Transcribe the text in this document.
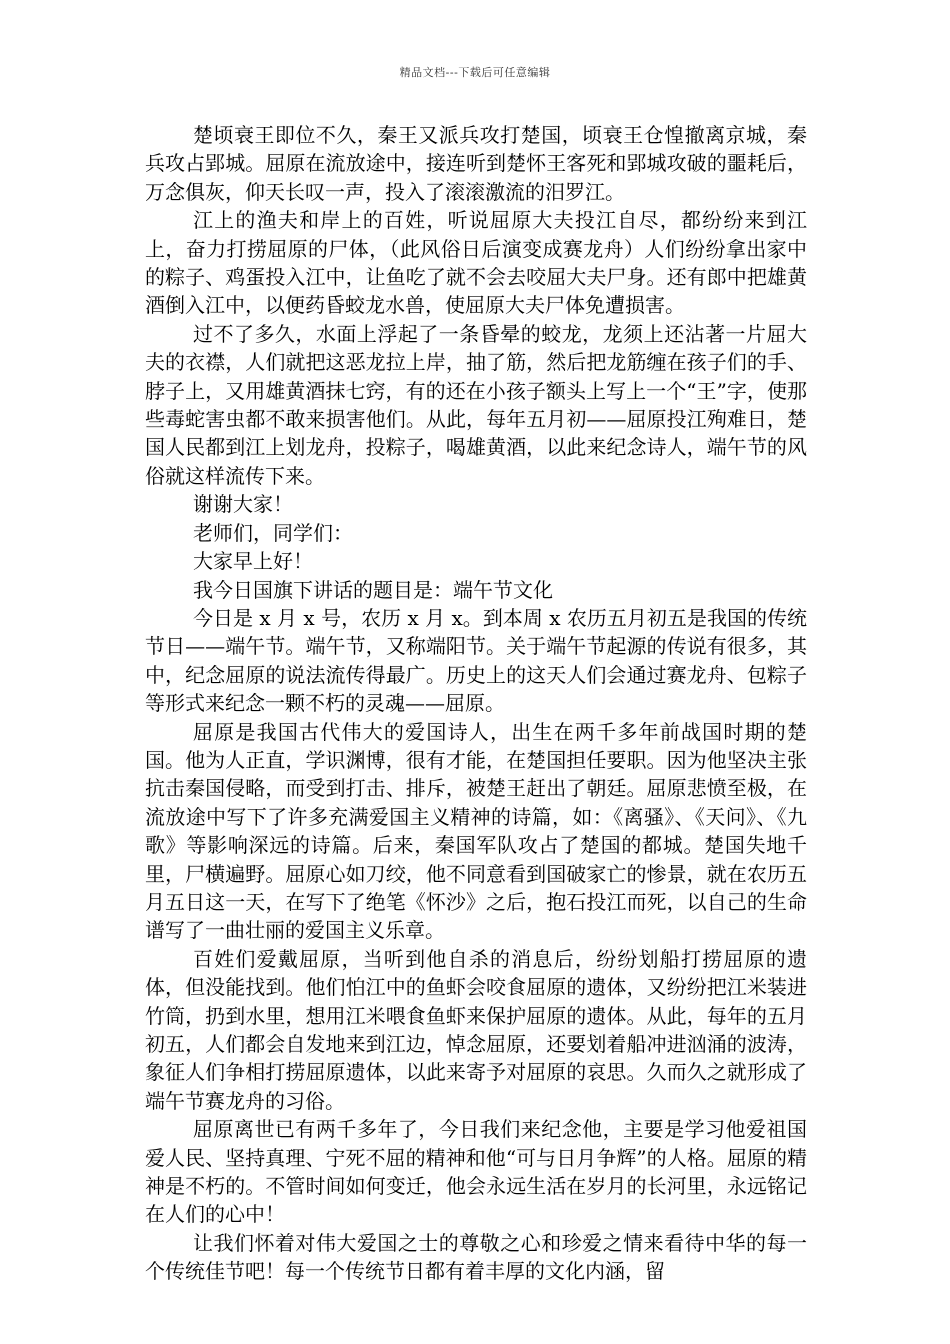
精品文档---下载后可任意编辑

楚顷衰王即位不久，秦王又派兵攻打楚国，顷衰王仓惶撤离京城，秦兵攻占郢城。屈原在流放途中，接连听到楚怀王客死和郢城攻破的噩耗后，万念俱灰，仰天长叹一声，投入了滚滚激流的汨罗江。

江上的渔夫和岸上的百姓，听说屈原大夫投江自尽，都纷纷来到江上，奋力打捞屈原的尸体，（此风俗日后演变成赛龙舟）人们纷纷拿出家中的粽子、鸡蛋投入江中，让鱼吃了就不会去咬屈大夫尸身。还有郎中把雄黄酒倒入江中，以便药昏蛟龙水兽，使屈原大夫尸体免遭损害。

过不了多久，水面上浮起了一条昏晕的蛟龙，龙须上还沾著一片屈大夫的衣襟，人们就把这恶龙拉上岸，抽了筋，然后把龙筋缠在孩子们的手、脖子上，又用雄黄酒抹七窍，有的还在小孩子额头上写上一个“王”字，使那些毒蛇害虫都不敢来损害他们。从此，每年五月初——屈原投江殉难日，楚国人民都到江上划龙舟，投粽子，喝雄黄酒，以此来纪念诗人，端午节的风俗就这样流传下来。

谢谢大家！

老师们，同学们：

大家早上好！

我今日国旗下讲话的题目是：端午节文化

今日是 x 月 x 号，农历 x 月 x。到本周 x 农历五月初五是我国的传统节日——端午节。端午节，又称端阳节。关于端午节起源的传说有很多，其中，纪念屈原的说法流传得最广。历史上的这天人们会通过赛龙舟、包粽子等形式来纪念一颗不朽的灵魂——屈原。

屈原是我国古代伟大的爱国诗人，出生在两千多年前战国时期的楚国。他为人正直，学识渊博，很有才能，在楚国担任要职。因为他坚决主张抗击秦国侵略，而受到打击、排斥，被楚王赶出了朝廷。屈原悲愤至极，在流放途中写下了许多充满爱国主义精神的诗篇，如：《离骚》、《天问》、《九歌》等影响深远的诗篇。后来，秦国军队攻占了楚国的都城。楚国失地千里，尸横遍野。屈原心如刀绞，他不同意看到国破家亡的惨景，就在农历五月五日这一天，在写下了绝笔《怀沙》之后，抱石投江而死，以自己的生命谱写了一曲壮丽的爱国主义乐章。

百姓们爱戴屈原，当听到他自杀的消息后，纷纷划船打捞屈原的遗体，但没能找到。他们怕江中的鱼虾会咬食屈原的遗体，又纷纷把江米装进竹筒，扔到水里，想用江米喂食鱼虾来保护屈原的遗体。从此，每年的五月初五，人们都会自发地来到江边，悼念屈原，还要划着船冲进汹涌的波涛，象征人们争相打捞屈原遗体，以此来寄予对屈原的哀思。久而久之就形成了端午节赛龙舟的习俗。

屈原离世已有两千多年了，今日我们来纪念他，主要是学习他爱祖国爱人民、坚持真理、宁死不屈的精神和他“可与日月争辉”的人格。屈原的精神是不朽的。不管时间如何变迁，他会永远生活在岁月的长河里，永远铭记在人们的心中！

让我们怀着对伟大爱国之士的尊敬之心和珍爱之情来看待中华的每一个传统佳节吧！每一个传统节日都有着丰厚的文化内涵，留
